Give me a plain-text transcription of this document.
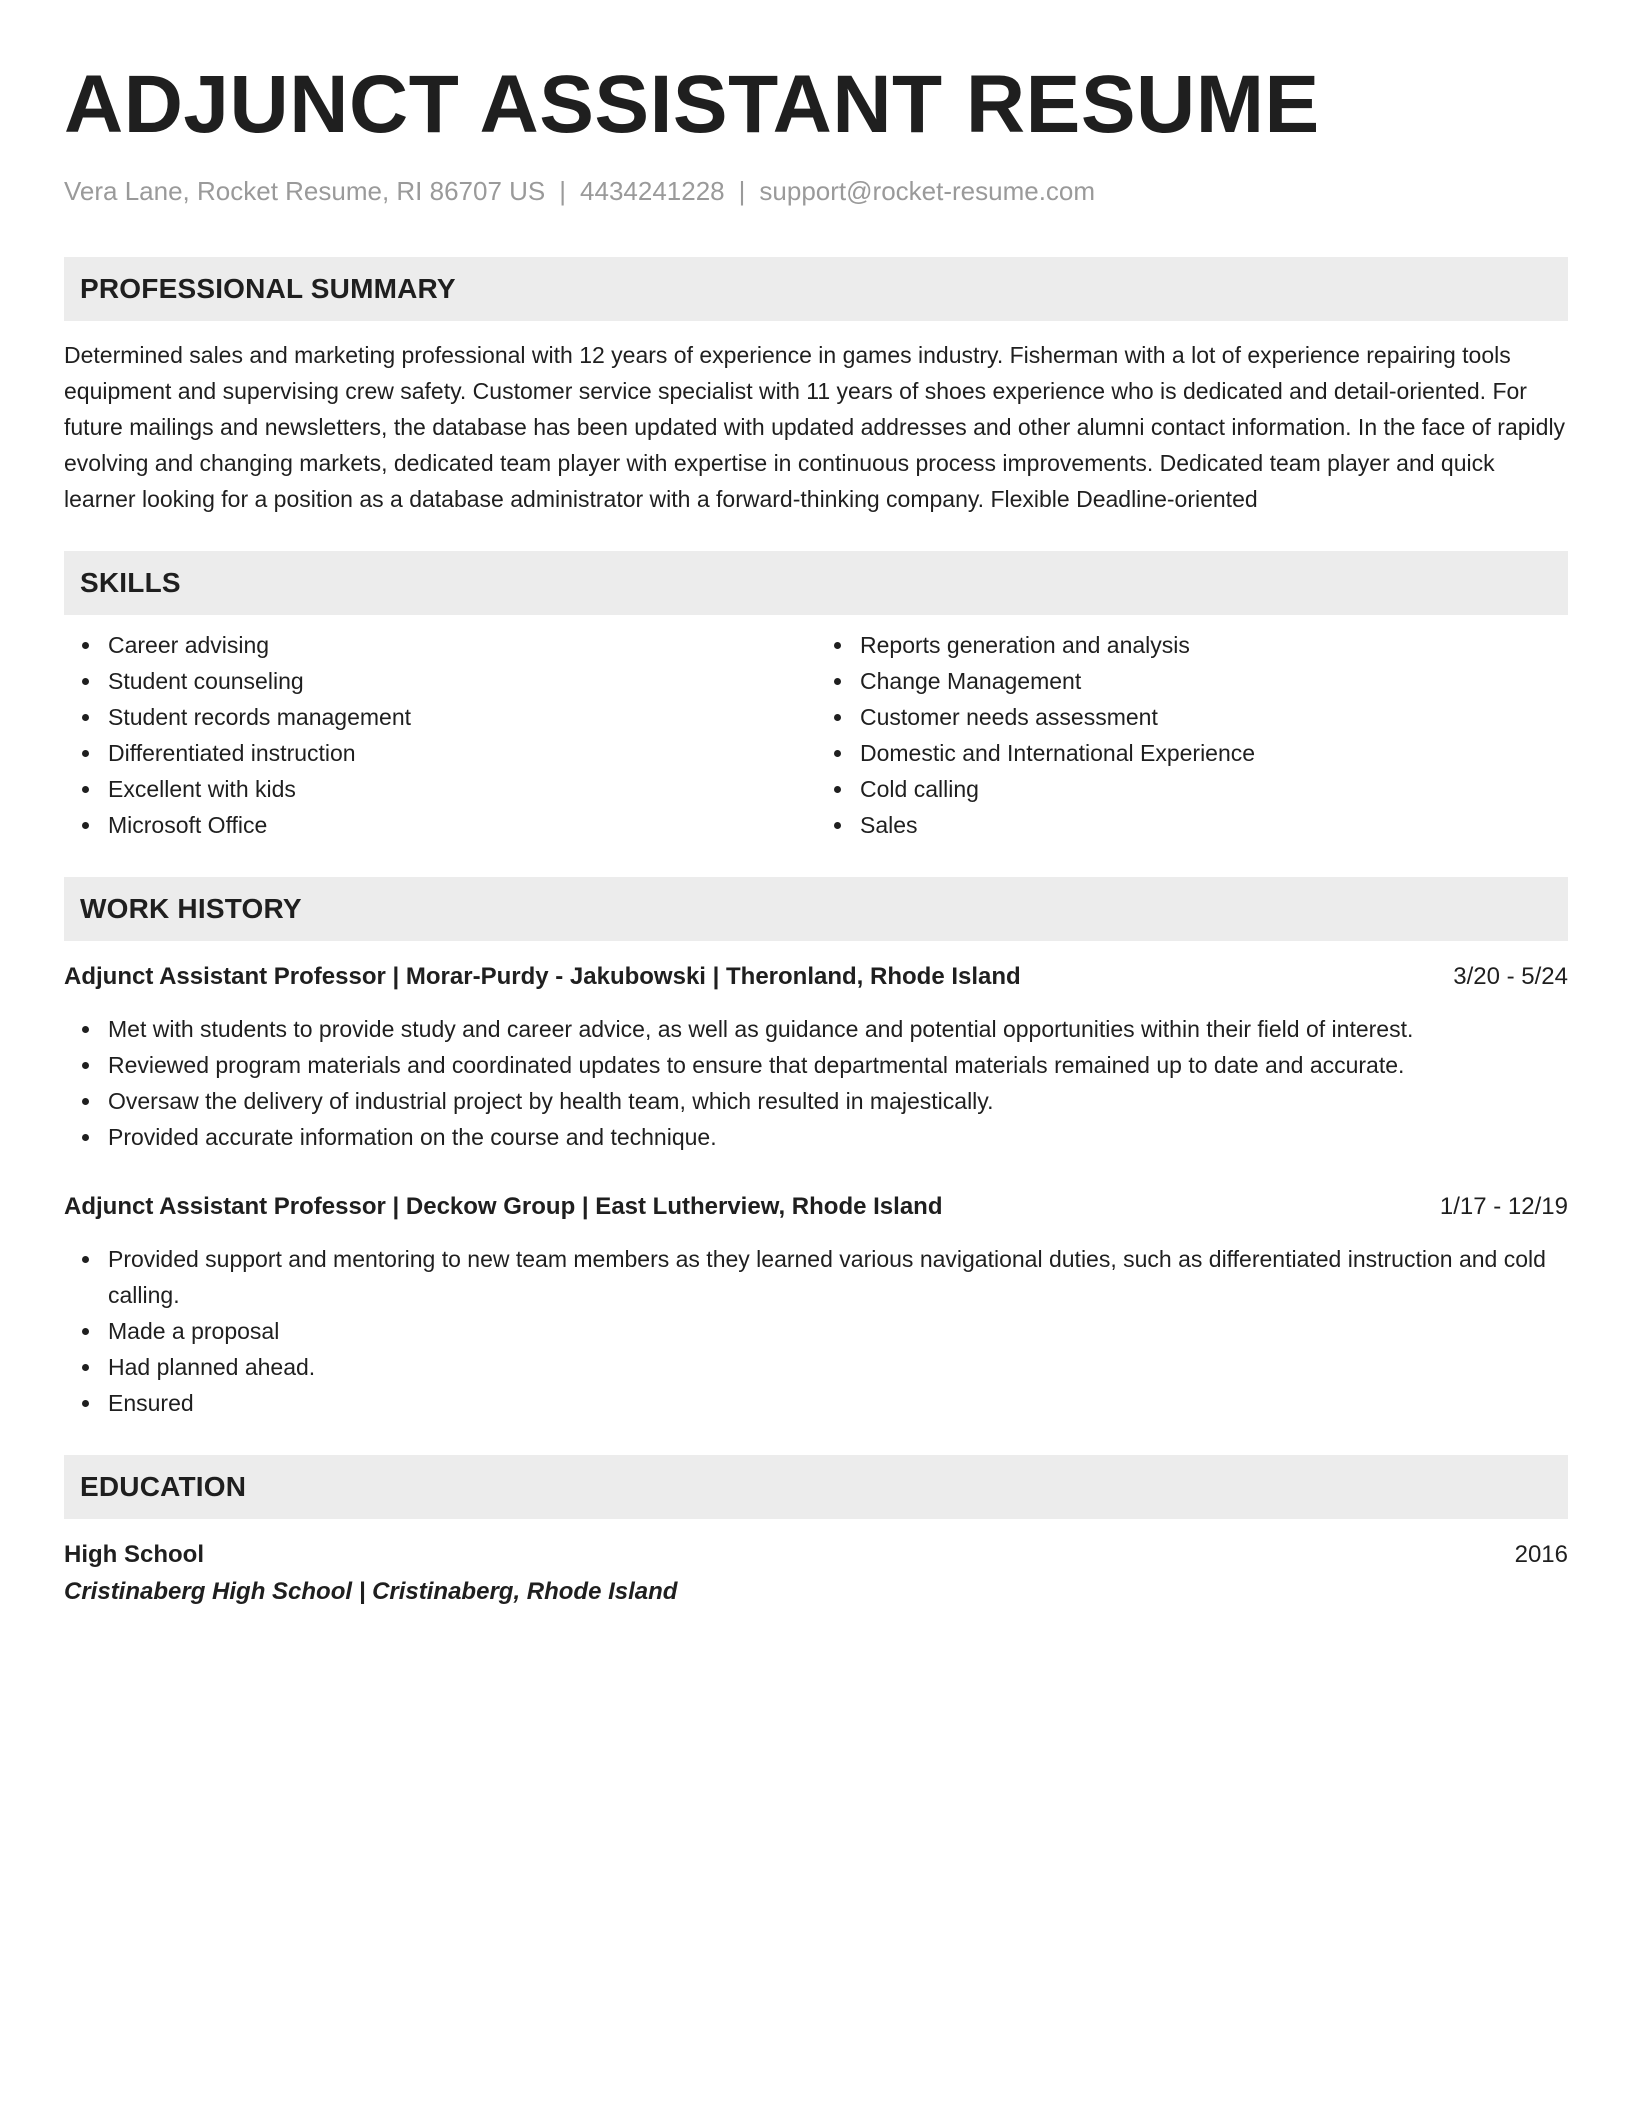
ADJUNCT ASSISTANT RESUME
Vera Lane, Rocket Resume, RI 86707 US | 4434241228 | support@rocket-resume.com
PROFESSIONAL SUMMARY

Determined sales and marketing professional with 12 years of experience in games industry. Fisherman with a lot of experience repairing tools equipment and supervising crew safety. Customer service specialist with 11 years of shoes experience who is dedicated and detail-oriented. For future mailings and newsletters, the database has been updated with updated addresses and other alumni contact information. In the face of rapidly evolving and changing markets, dedicated team player with expertise in continuous process improvements. Dedicated team player and quick learner looking for a position as a database administrator with a forward-thinking company. Flexible Deadline-oriented

SKILLS
Career advising
Student counseling
Student records management
Differentiated instruction
Excellent with kids
Microsoft Office
Reports generation and analysis
Change Management
Customer needs assessment
Domestic and International Experience
Cold calling
Sales
WORK HISTORY
Adjunct Assistant Professor | Morar-Purdy - Jakubowski | Theronland, Rhode Island	3/20 - 5/24
Met with students to provide study and career advice, as well as guidance and potential opportunities within their field of interest.
Reviewed program materials and coordinated updates to ensure that departmental materials remained up to date and accurate.
Oversaw the delivery of industrial project by health team, which resulted in majestically.
Provided accurate information on the course and technique.
Adjunct Assistant Professor | Deckow Group | East Lutherview, Rhode Island	1/17 - 12/19
Provided support and mentoring to new team members as they learned various navigational duties, such as differentiated instruction and cold calling.
Made a proposal
Had planned ahead.
Ensured
EDUCATION
High School	2016
Cristinaberg High School | Cristinaberg, Rhode Island
